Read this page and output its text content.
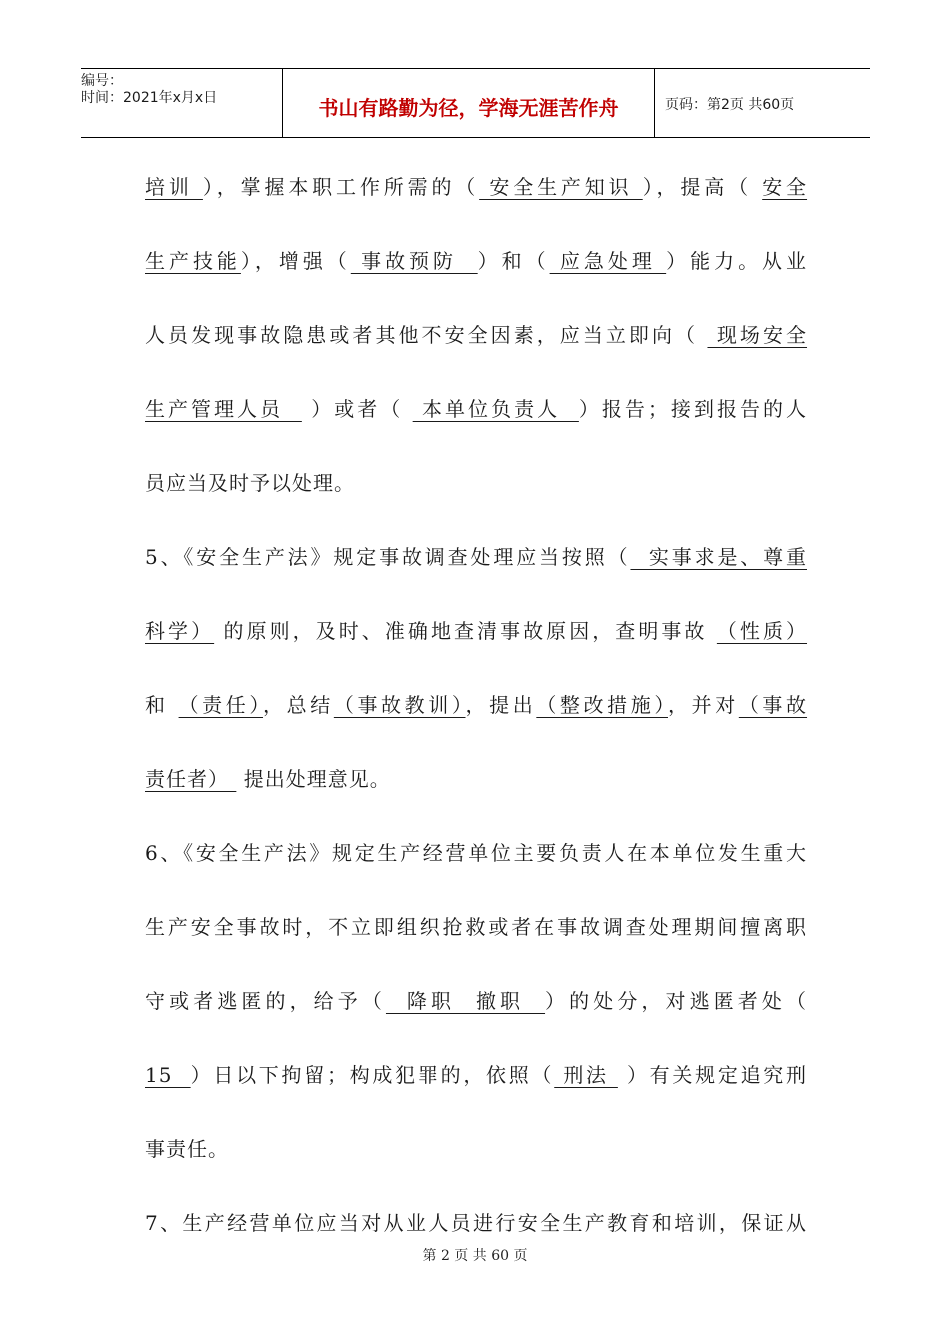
编号：
时间：2021年x月x日	书山有路勤为径，学海无涯苦作舟	页码：第2页 共60页
培训 ），掌握本职工作所需的（ 安全生产知识 ），提高（ 安全
生产技能），增强（ 事故预防  ）和（ 应急处理 ）能力。从业
人员发现事故隐患或者其他不安全因素，应当立即向（  现场安全
生产管理人员   ）或者（  本单位负责人  ）报告；接到报告的人
员应当及时予以处理。
5、《安全生产法》规定事故调查处理应当按照（  实事求是、尊重
科学） 的原则，及时、准确地查清事故原因，查明事故 （性质）
和 （责任），总结（事故教训），提出（整改措施），并对（事故
责任者）  提出处理意见。
6、《安全生产法》规定生产经营单位主要负责人在本单位发生重大
生产安全事故时，不立即组织抢救或者在事故调查处理期间擅离职
守或者逃匿的，给予（  降职  撤职  ）的处分，对逃匿者处（
15  ）日以下拘留；构成犯罪的，依照（ 刑法  ）有关规定追究刑
事责任。
7、生产经营单位应当对从业人员进行安全生产教育和培训，保证从
第 2 页 共 60 页
